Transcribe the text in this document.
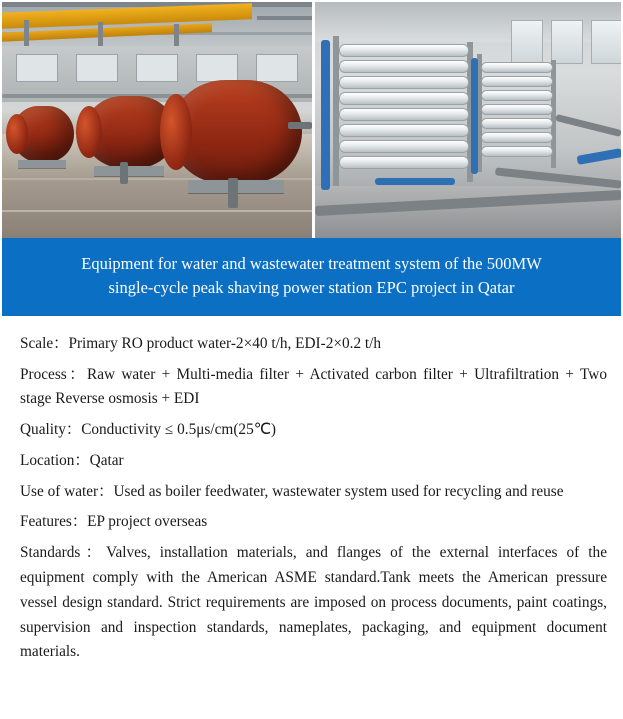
Equipment for water and wastewater treatment system of the 500MW
single-cycle peak shaving power station EPC project in Qatar

Scale：Primary RO product water-2×40 t/h, EDI-2×0.2 t/h

Process：Raw water + Multi-media filter + Activated carbon filter + Ultrafiltration + Two stage Reverse osmosis + EDI

Quality：Conductivity ≤ 0.5μs/cm(25℃)

Location：Qatar

Use of water：Used as boiler feedwater, wastewater system used for recycling and reuse

Features：EP project overseas

Standards：Valves, installation materials, and flanges of the external interfaces of the equipment comply with the American ASME standard.Tank meets the American pressure vessel design standard. Strict requirements are imposed on process documents, paint coatings, supervision and inspection standards, nameplates, packaging, and equipment document materials.
